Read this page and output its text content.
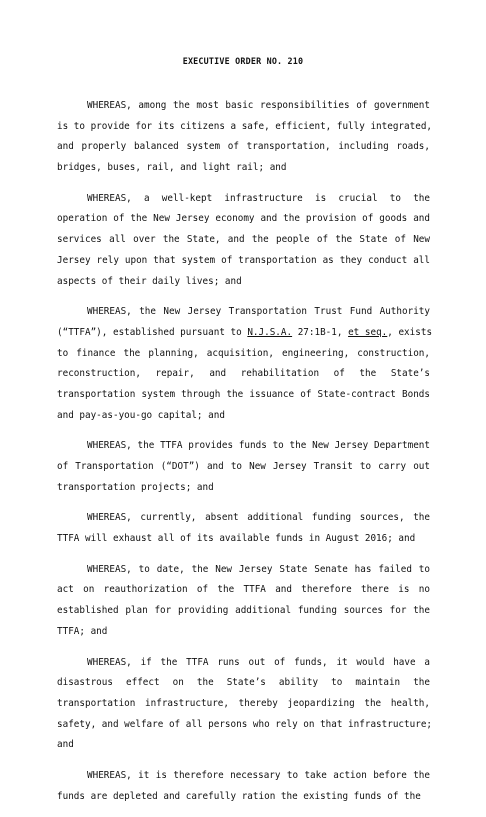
EXECUTIVE ORDER NO. 210
WHEREAS, among the most basic responsibilities of government
is to provide for its citizens a safe, efficient, fully integrated,
and properly balanced system of transportation, including roads,
bridges, buses, rail, and light rail; and
WHEREAS, a well-kept infrastructure is crucial to the
operation of the New Jersey economy and the provision of goods and
services all over the State, and the people of the State of New
Jersey rely upon that system of transportation as they conduct all
aspects of their daily lives; and
WHEREAS, the New Jersey Transportation Trust Fund Authority
(“TTFA”), established pursuant to N.J.S.A. 27:1B-1, et seq., exists
to finance the planning, acquisition, engineering, construction,
reconstruction, repair, and rehabilitation of the State’s
transportation system through the issuance of State-contract Bonds
and pay-as-you-go capital; and
WHEREAS, the TTFA provides funds to the New Jersey Department
of Transportation (“DOT”) and to New Jersey Transit to carry out
transportation projects; and
WHEREAS, currently, absent additional funding sources, the
TTFA will exhaust all of its available funds in August 2016; and
WHEREAS, to date, the New Jersey State Senate has failed to
act on reauthorization of the TTFA and therefore there is no
established plan for providing additional funding sources for the
TTFA; and
WHEREAS, if the TTFA runs out of funds, it would have a
disastrous effect on the State’s ability to maintain the
transportation infrastructure, thereby jeopardizing the health,
safety, and welfare of all persons who rely on that infrastructure;
and
WHEREAS, it is therefore necessary to take action before the
funds are depleted and carefully ration the existing funds of the
